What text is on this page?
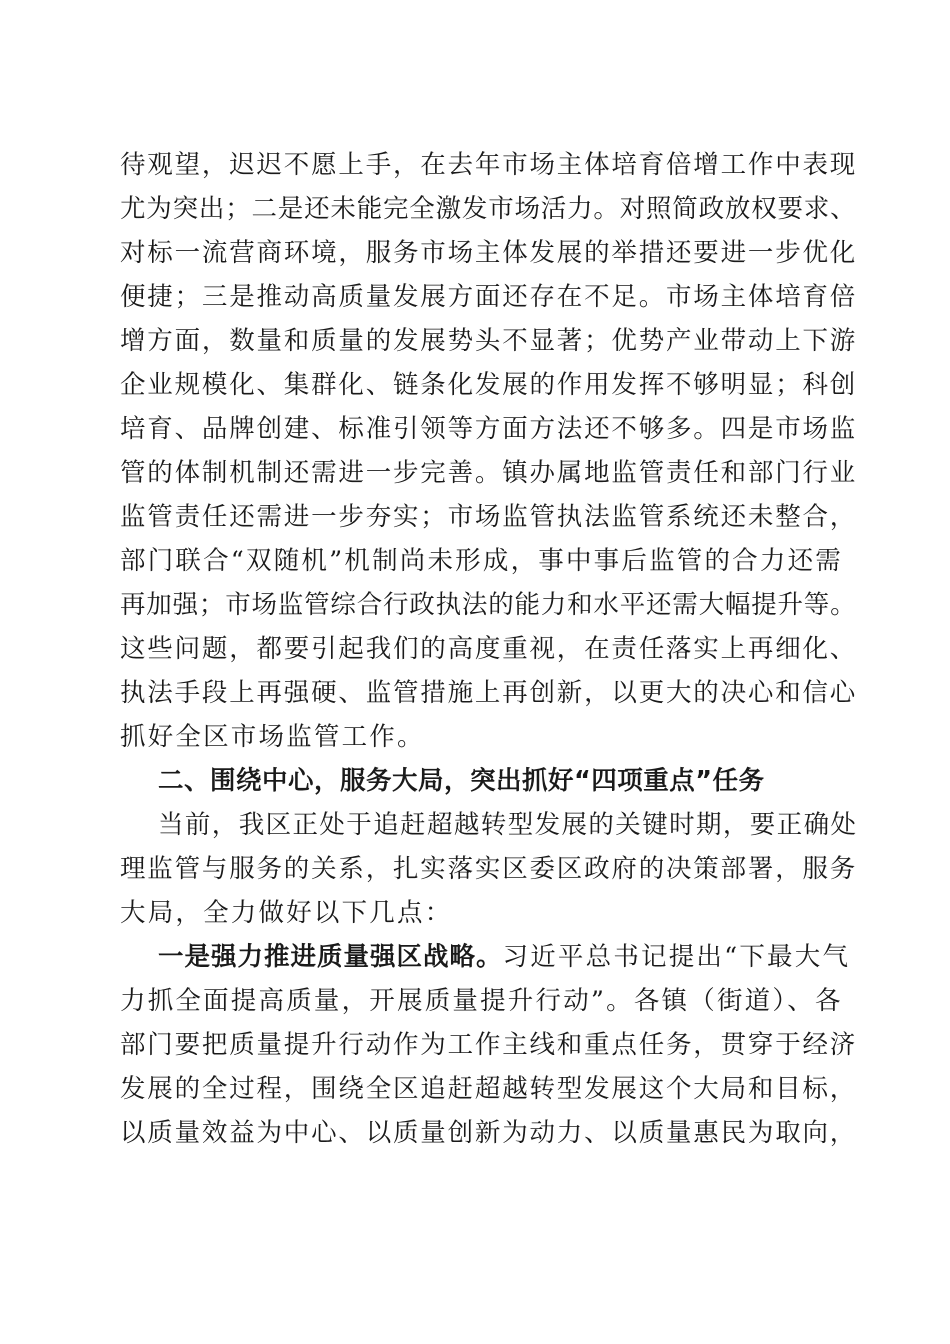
待观望，迟迟不愿上手，在去年市场主体培育倍增工作中表现
尤为突出；二是还未能完全激发市场活力。对照简政放权要求、
对标一流营商环境，服务市场主体发展的举措还要进一步优化
便捷；三是推动高质量发展方面还存在不足。市场主体培育倍
增方面，数量和质量的发展势头不显著；优势产业带动上下游
企业规模化、集群化、链条化发展的作用发挥不够明显；科创
培育、品牌创建、标准引领等方面方法还不够多。四是市场监
管的体制机制还需进一步完善。镇办属地监管责任和部门行业
监管责任还需进一步夯实；市场监管执法监管系统还未整合，
部门联合“双随机”机制尚未形成，事中事后监管的合力还需
再加强；市场监管综合行政执法的能力和水平还需大幅提升等。
这些问题，都要引起我们的高度重视，在责任落实上再细化、
执法手段上再强硬、监管措施上再创新，以更大的决心和信心
抓好全区市场监管工作。
二、围绕中心，服务大局，突出抓好“四项重点”任务
当前，我区正处于追赶超越转型发展的关键时期，要正确处
理监管与服务的关系，扎实落实区委区政府的决策部署，服务
大局，全力做好以下几点：
一是强力推进质量强区战略。习近平总书记提出“下最大气
力抓全面提高质量，开展质量提升行动”。各镇（街道）、各
部门要把质量提升行动作为工作主线和重点任务，贯穿于经济
发展的全过程，围绕全区追赶超越转型发展这个大局和目标，
以质量效益为中心、以质量创新为动力、以质量惠民为取向，
